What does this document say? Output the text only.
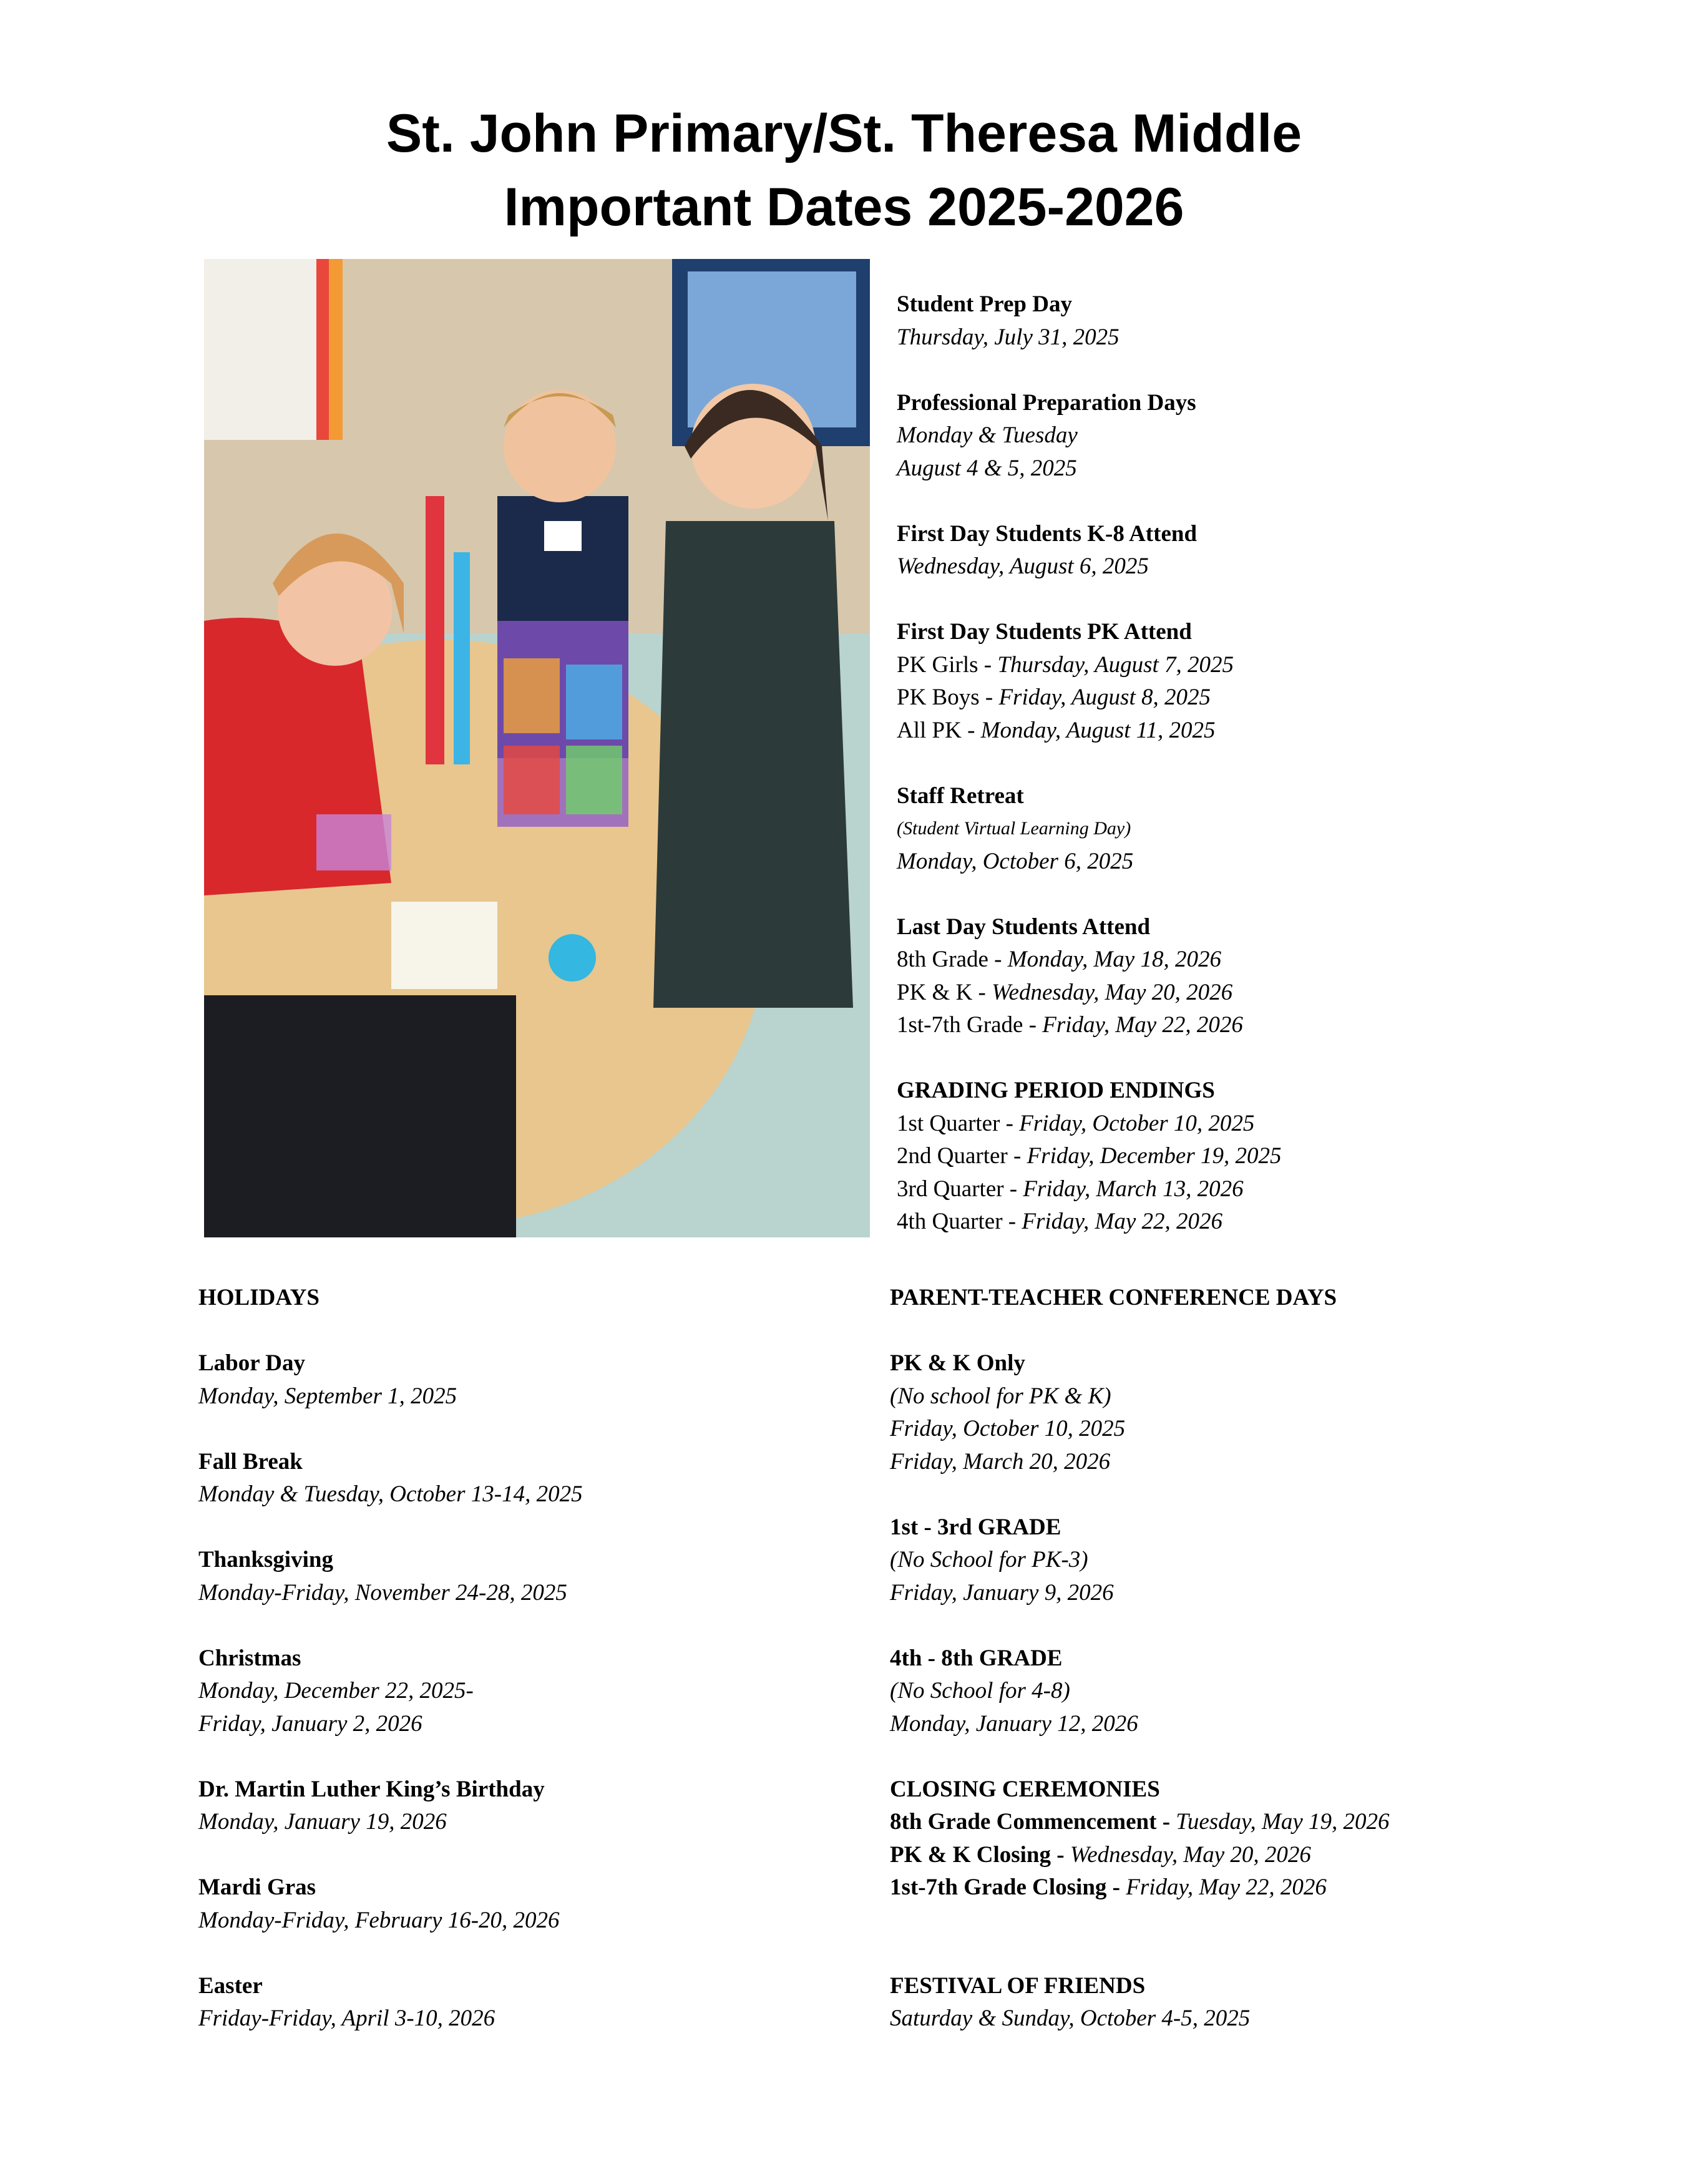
St. John Primary/St. Theresa Middle
Important Dates 2025-2026
Student Prep Day
Thursday, July 31, 2025
Professional Preparation Days
Monday & Tuesday
August 4 & 5, 2025
First Day Students K-8 Attend
Wednesday, August 6, 2025
First Day Students PK Attend
PK Girls - Thursday, August 7, 2025
PK Boys - Friday, August 8, 2025
All PK - Monday, August 11, 2025
Staff Retreat
(Student Virtual Learning Day)
Monday, October 6, 2025
Last Day Students Attend
8th Grade - Monday, May 18, 2026
PK & K - Wednesday, May 20, 2026
1st-7th Grade - Friday, May 22, 2026
GRADING PERIOD ENDINGS
1st Quarter - Friday, October 10, 2025
2nd Quarter - Friday, December 19, 2025
3rd Quarter - Friday, March 13, 2026
4th Quarter - Friday, May 22, 2026
HOLIDAYS
Labor Day
Monday, September 1, 2025
Fall Break
Monday & Tuesday, October 13-14, 2025
Thanksgiving
Monday-Friday, November 24-28, 2025
Christmas
Monday, December 22, 2025-
Friday, January 2, 2026
Dr. Martin Luther King’s Birthday
Monday, January 19, 2026
Mardi Gras
Monday-Friday, February 16-20, 2026
Easter
Friday-Friday, April 3-10, 2026
PARENT-TEACHER CONFERENCE DAYS
PK & K Only
(No school for PK & K)
Friday, October 10, 2025
Friday, March 20, 2026
1st - 3rd GRADE
(No School for PK-3)
Friday, January 9, 2026
4th - 8th GRADE
(No School for 4-8)
Monday, January 12, 2026
CLOSING CEREMONIES
8th Grade Commencement - Tuesday, May 19, 2026
PK & K Closing - Wednesday, May 20, 2026
1st-7th Grade Closing - Friday, May 22, 2026
FESTIVAL OF FRIENDS
Saturday & Sunday, October 4-5, 2025
